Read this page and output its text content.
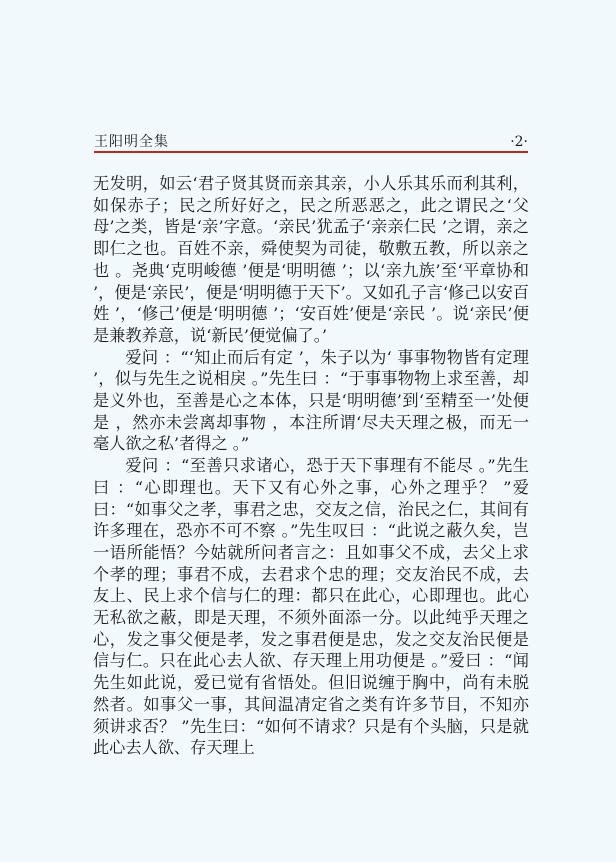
王阳明全集	·2·

无发明，如云‘君子贤其贤而亲其亲，小人乐其乐而利其利，如保赤子；民之所好好之，民之所恶恶之，此之谓民之‘父母’之类，皆是‘亲’字意。‘亲民’犹孟子‘亲亲仁民 ’之谓，亲之即仁之也。百姓不亲，舜使契为司徒，敬敷五教，所以亲之也 。尧典‘克明峻德 ’便是‘明明德 ’；以‘亲九族’至‘平章协和 ’，便是‘亲民’，便是‘明明德于天下’。又如孔子言‘修己以安百姓 ’，‘修己’便是‘明明德 ’；‘安百姓’便是‘亲民 ’。说‘亲民’便是兼教养意，说‘新民’便觉偏了。’

爱问 ：“‘知止而后有定 ’，朱子以为‘ 事事物物皆有定理 ’，似与先生之说相戾 。”先生曰 ：“于事事物物上求至善，却是义外也，至善是心之本体，只是‘明明德’到‘至精至一’处便是 ，然亦未尝离却事物 ，本注所谓‘尽夫天理之极，而无一毫人欲之私’者得之 。”

爱问 ：“至善只求诸心，恐于天下事理有不能尽 。”先生曰 ：“心即理也。天下又有心外之事，心外之理乎？ ”爱曰：“如事父之孝，事君之忠，交友之信，治民之仁，其间有许多理在，恐亦不可不察 。”先生叹曰 ：“此说之蔽久矣，岂一语所能悟？今姑就所问者言之：且如事父不成，去父上求个孝的理；事君不成，去君求个忠的理；交友治民不成，去友上、民上求个信与仁的理：都只在此心，心即理也。此心无私欲之蔽，即是天理，不须外面添一分。以此纯乎天理之心，发之事父便是孝，发之事君便是忠，发之交友治民便是信与仁。只在此心去人欲、存天理上用功便是 。”爱曰 ：“闻先生如此说，爱已觉有省悟处。但旧说缠于胸中，尚有未脱然者。如事父一事，其间温凊定省之类有许多节目，不知亦须讲求否？ ”先生曰：“如何不请求？只是有个头脑，只是就此心去人欲、存天理上
